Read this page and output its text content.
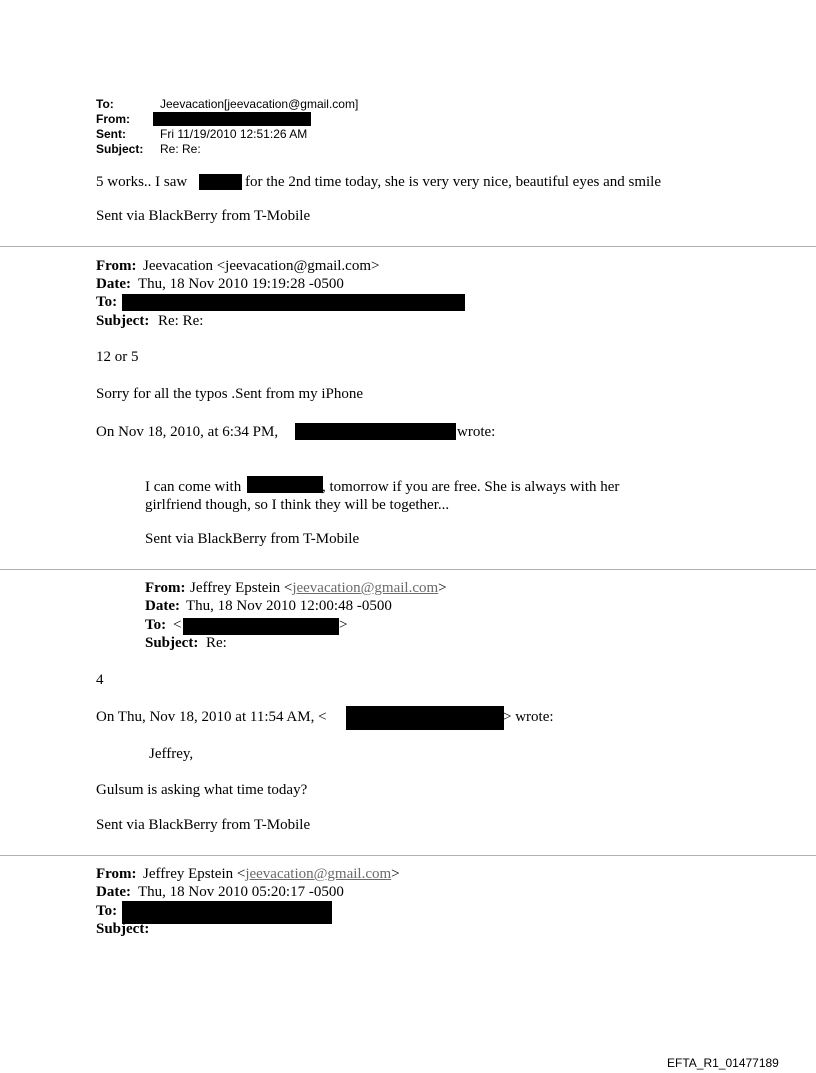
To:	Jeevacation[jeevacation@gmail.com]
From:
Sent:	Fri 11/19/2010 12:51:26 AM
Subject: Re: Re:
5 works.. I saw	for the 2nd time today, she is very very nice, beautiful eyes and smile
Sent via BlackBerry from T-Mobile
From: Jeevacation <jeevacation@gmail.com>
Date: Thu, 18 Nov 2010 19:19:28 -0500
To:
Subject: Re: Re:
12 or 5
Sorry for all the typos .Sent from my iPhone
On Nov 18, 2010, at 6:34 PM,	wrote:
I can come with	, tomorrow if you are free. She is always with her
girlfriend though, so I think they will be together...
Sent via BlackBerry from T-Mobile
From: Jeffrey Epstein <jeevacation@gmail.com>
Date: Thu, 18 Nov 2010 12:00:48 -0500
To: <	>
Subject: Re:
4
On Thu, Nov 18, 2010 at 11:54 AM, <	> wrote:
Jeffrey,
Gulsum is asking what time today?
Sent via BlackBerry from T-Mobile
From: Jeffrey Epstein <jeevacation@gmail.com>
Date: Thu, 18 Nov 2010 05:20:17 -0500
To:
Subject:
EFTA_R1_01477189
